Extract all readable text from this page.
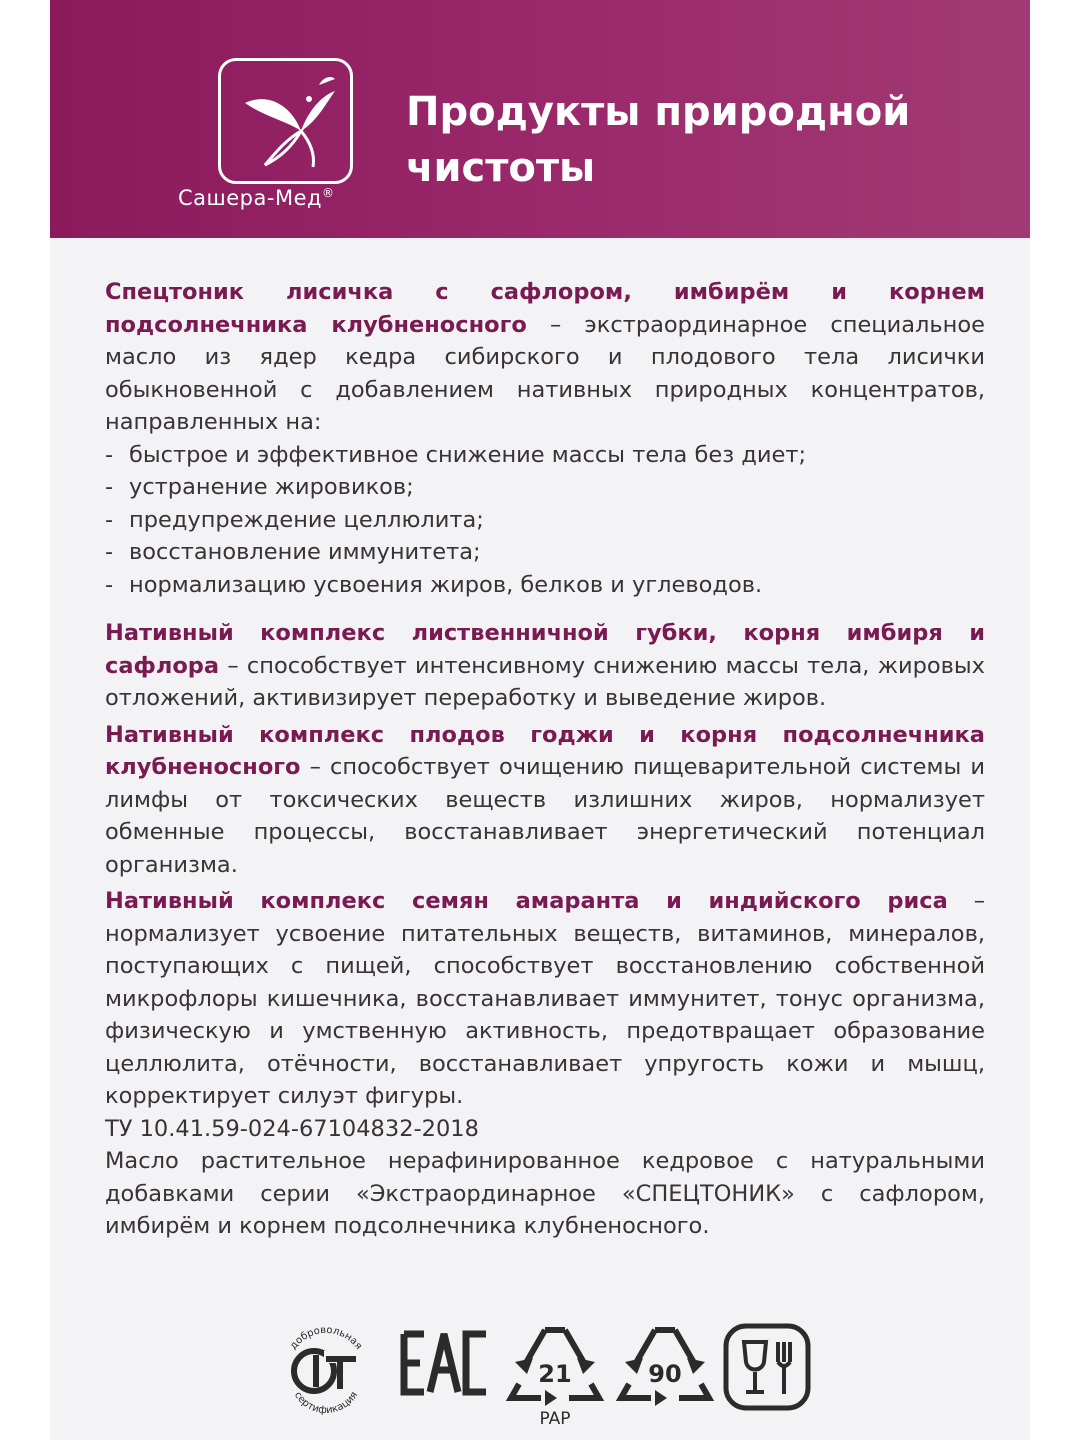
Сашера-Мед®
Продукты природной
чистоты

Спецтоник лисичка с сафлором, имбирём и корнем подсолнечника клубненосного – экстраординарное специальное масло из ядер кедра сибирского и плодового тела лисички обыкновенной с добавлением нативных природных концентратов, направленных на:

- быстрое и эффективное снижение массы тела без диет;
- устранение жировиков;
- предупреждение целлюлита;
- восстановление иммунитета;
- нормализацию усвоения жиров, белков и углеводов.

Нативный комплекс лиственничной губки, корня имбиря и сафлора – способствует интенсивному снижению массы тела, жировых отложений, активизирует переработку и выведение жиров.

Нативный комплекс плодов годжи и корня подсолнечника клубненосного – способствует очищению пищеварительной системы и лимфы от токсических веществ излишних жиров, нормализует обменные процессы, восстанавливает энергетический потенциал организма.

Нативный комплекс семян амаранта и индийского риса – нормализует усвоение питательных веществ, витаминов, минералов, поступающих с пищей, способствует восстановлению собственной микрофлоры кишечника, восстанавливает иммунитет, тонус организма, физическую и умственную активность, предотвращает образование целлюлита, отёчности, восстанавливает упругость кожи и мышц, корректирует силуэт фигуры.

ТУ 10.41.59-024-67104832-2018

Масло растительное нерафинированное кедровое с натуральными добавками серии «Экстраординарное «СПЕЦТОНИК» с сафлором, имбирём и корнем подсолнечника клубненосного.

добровольная
сертификация
21
PAP
90
